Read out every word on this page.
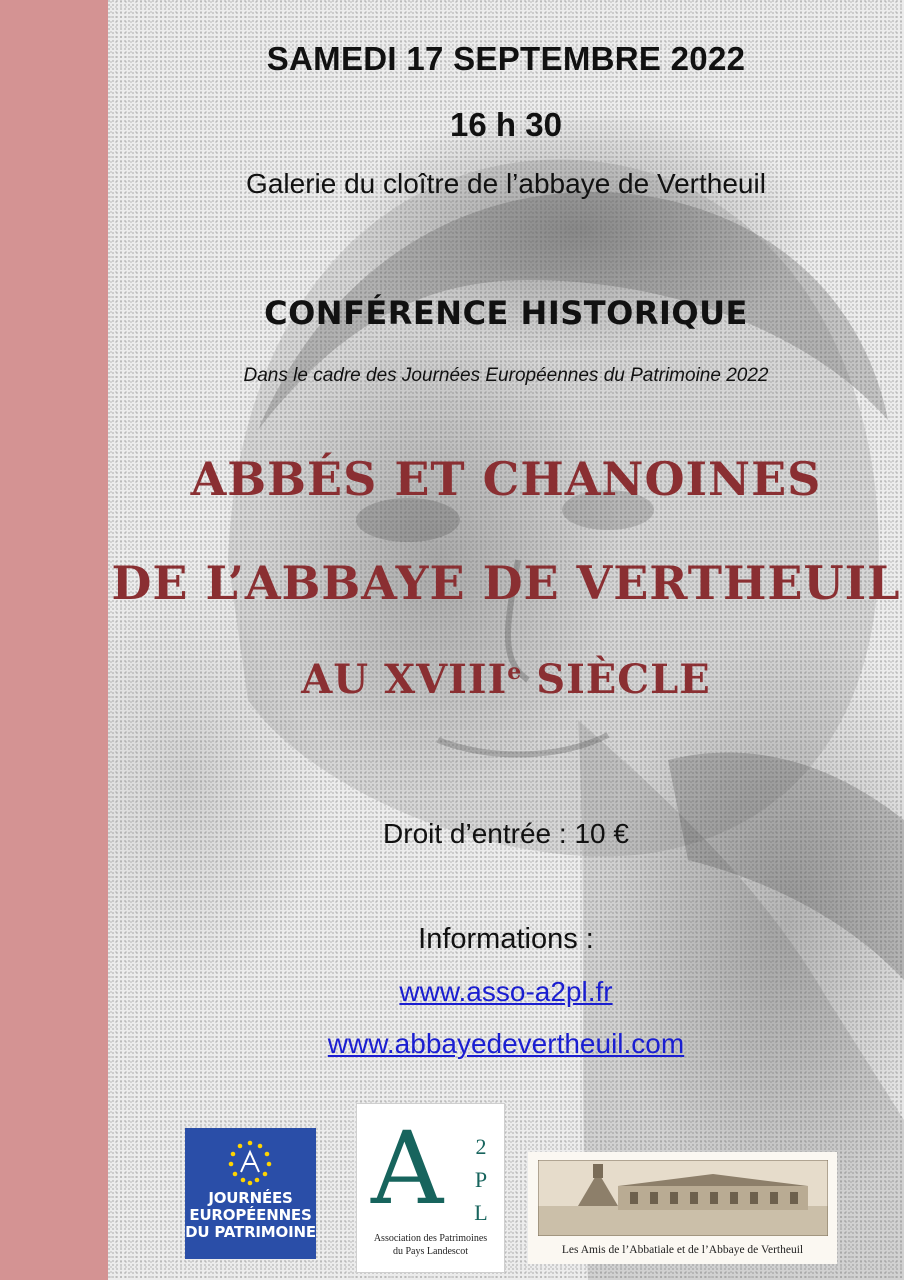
SAMEDI 17 SEPTEMBRE 2022
16 h 30
Galerie du cloître de l’abbaye de Vertheuil
CONFÉRENCE HISTORIQUE
Dans le cadre des Journées Européennes du Patrimoine 2022
ABBÉS ET CHANOINES
DE L’ABBAYE DE VERTHEUIL
AU XVIIIe SIÈCLE
Droit d’entrée : 10 €
Informations :
www.asso-a2pl.fr
www.abbayedevertheuil.com
JOURNÉES
EUROPÉENNES
DU PATRIMOINE
A 2
P
L
Association des Patrimoines
du Pays Landescot	Les Amis de l’Abbatiale et de l’Abbaye de Vertheuil
